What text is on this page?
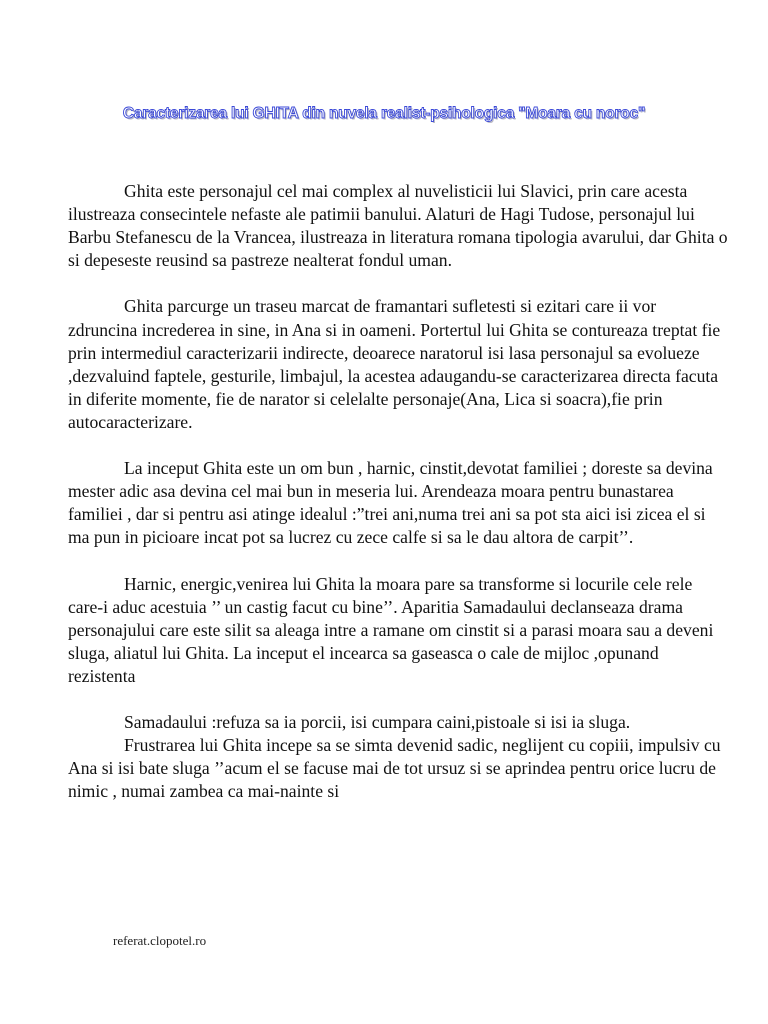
Caracterizarea lui GHITA din nuvela realist-psihologica "Moara cu noroc"

Ghita este personajul cel mai complex al nuvelisticii lui Slavici, prin care acesta ilustreaza consecintele nefaste ale patimii banului. Alaturi de Hagi Tudose, personajul lui Barbu Stefanescu de la Vrancea, ilustreaza in literatura romana tipologia avarului, dar Ghita o si depeseste reusind sa pastreze nealterat fondul uman.

Ghita parcurge un traseu marcat de framantari sufletesti si ezitari care ii vor zdruncina increderea in sine, in Ana si in oameni. Portertul lui Ghita se contureaza treptat fie prin intermediul caracterizarii indirecte, deoarece naratorul isi lasa personajul sa evolueze ,dezvaluind faptele, gesturile, limbajul, la acestea adaugandu-se caracterizarea directa facuta in diferite momente, fie de narator si celelalte personaje(Ana, Lica si soacra),fie prin autocaracterizare.

La inceput Ghita este un om bun , harnic, cinstit,devotat familiei ; doreste sa devina mester adic asa devina cel mai bun in meseria lui. Arendeaza moara pentru bunastarea familiei , dar si pentru asi atinge idealul :”trei ani,numa trei ani sa pot sta aici isi zicea el si ma pun in picioare incat pot sa lucrez cu zece calfe si sa le dau altora de carpit’’.

Harnic, energic,venirea lui Ghita la moara pare sa transforme si locurile cele rele care-i aduc acestuia ’’ un castig facut cu bine’’. Aparitia Samadaului declanseaza drama personajului care este silit sa aleaga intre a ramane om cinstit si a parasi moara sau a deveni sluga, aliatul lui Ghita. La inceput el incearca sa gaseasca o cale de mijloc ,opunand rezistenta

Samadaului :refuza sa ia porcii, isi cumpara caini,pistoale si isi ia sluga.

Frustrarea lui Ghita incepe sa se simta devenid sadic, neglijent cu copiii, impulsiv cu Ana si isi bate sluga ’’acum el se facuse mai de tot ursuz si se aprindea pentru orice lucru de nimic , numai zambea ca mai-nainte si

referat.clopotel.ro
